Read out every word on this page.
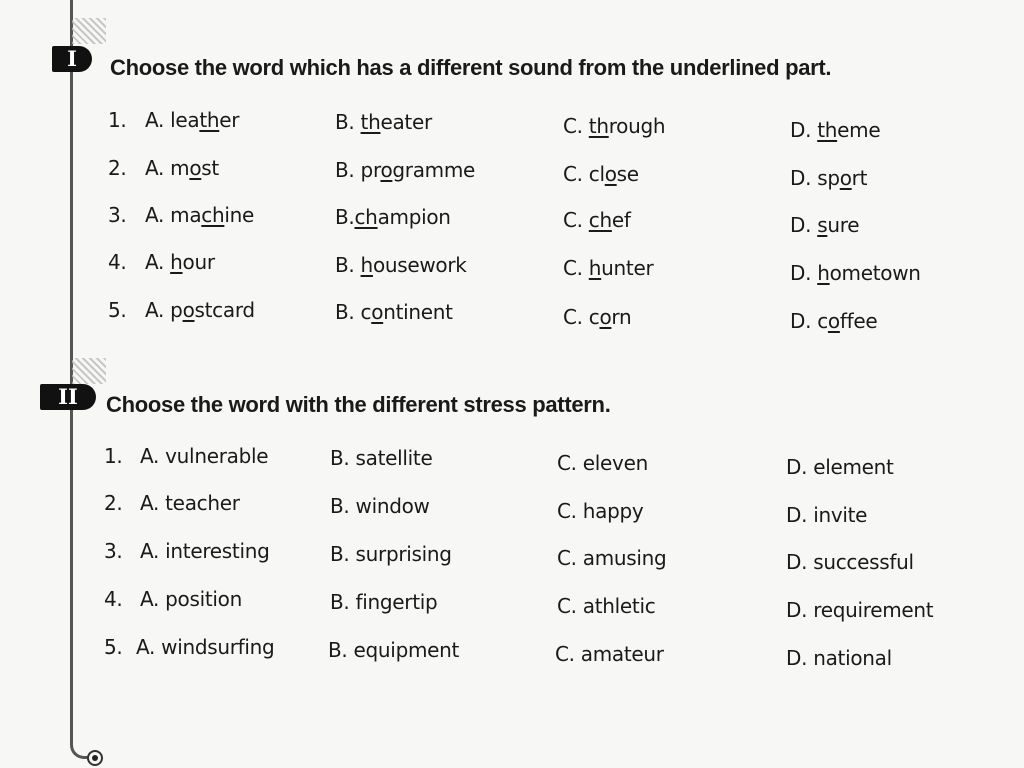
I	Choose the word which has a different sound from the underlined part.
1. A. leather	B. theater	C. through	D. theme
2. A. most	B. programme	C. close	D. sport
3. A. machine	B.champion	C. chef	D. sure
4. A. hour	B. housework	C. hunter	D. hometown
5. A. postcard	B. continent	C. corn	D. coffee
II	Choose the word with the different stress pattern.
1. A. vulnerable	B. satellite	C. eleven	D. element
2. A. teacher	B. window	C. happy	D. invite
3. A. interesting	B. surprising	C. amusing	D. successful
4. A. position	B. fingertip	C. athletic	D. requirement
5. A. windsurfing	B. equipment	C. amateur	D. national
